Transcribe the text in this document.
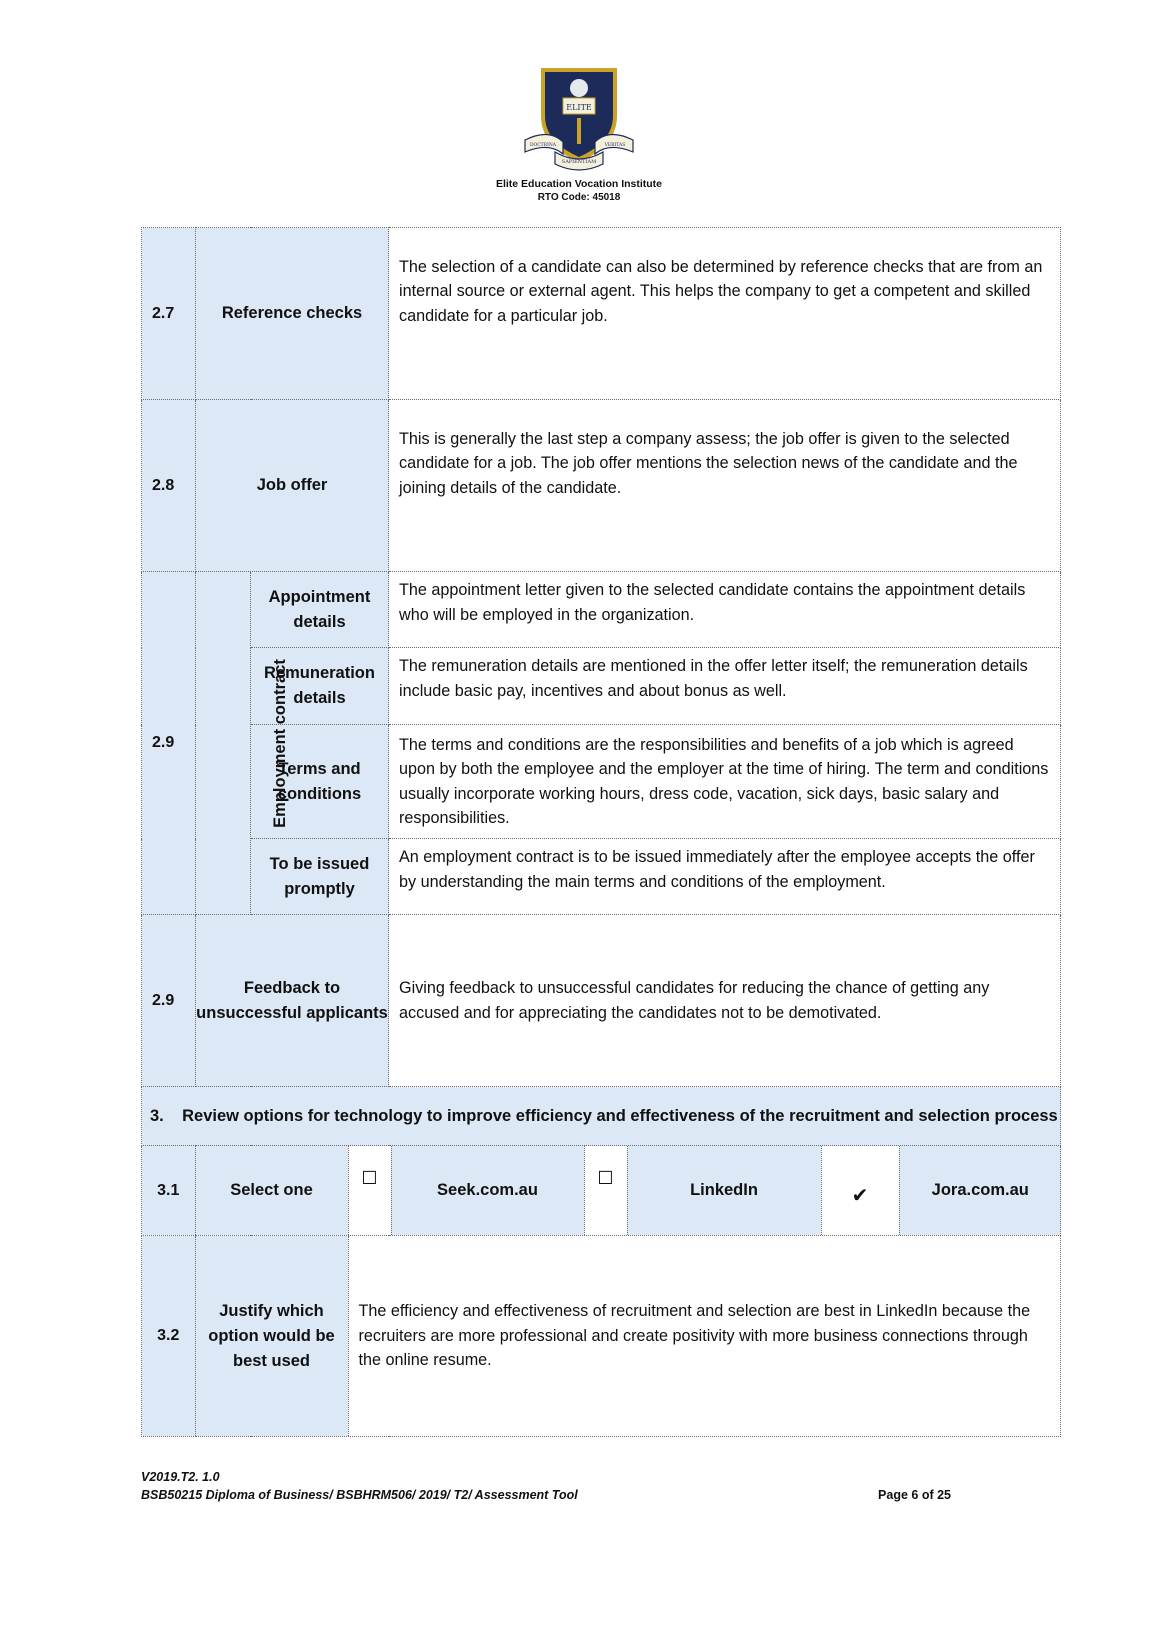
ELITE
DOCTRINA
SAPIENTIAM
VERITAS
Elite Education Vocation Institute
RTO Code: 45018
2.7	Reference checks	The selection of a candidate can also be determined by reference checks that are from an internal source or external agent. This helps the company to get a competent and skilled candidate for a particular job.
2.8	Job offer	This is generally the last step a company assess; the job offer is given to the selected candidate for a job. The job offer mentions the selection news of the candidate and the joining details of the candidate.
2.9	Employment contract	Appointment details	The appointment letter given to the selected candidate contains the appointment details who will be employed in the organization.
Remuneration details	The remuneration details are mentioned in the offer letter itself; the remuneration details include basic pay, incentives and about bonus as well.
Terms and conditions	The terms and conditions are the responsibilities and benefits of a job which is agreed upon by both the employee and the employer at the time of hiring. The term and conditions usually incorporate working hours, dress code, vacation, sick days, basic salary and responsibilities.
To be issued promptly	An employment contract is to be issued immediately after the employee accepts the offer by understanding the main terms and conditions of the employment.
2.9	Feedback to unsuccessful applicants	Giving feedback to unsuccessful candidates for reducing the chance of getting any accused and for appreciating the candidates not to be demotivated.
3. Review options for technology to improve efficiency and effectiveness of the recruitment and selection process

3.1	Select one	☐	Seek.com.au	☐	LinkedIn	✔	Jora.com.au

3.2	Justify which option would be best used	The efficiency and effectiveness of recruitment and selection are best in LinkedIn because the recruiters are more professional and create positivity with more business connections through the online resume.
V2019.T2. 1.0
BSB50215 Diploma of Business/ BSBHRM506/ 2019/ T2/ Assessment Tool	Page 6 of 25
